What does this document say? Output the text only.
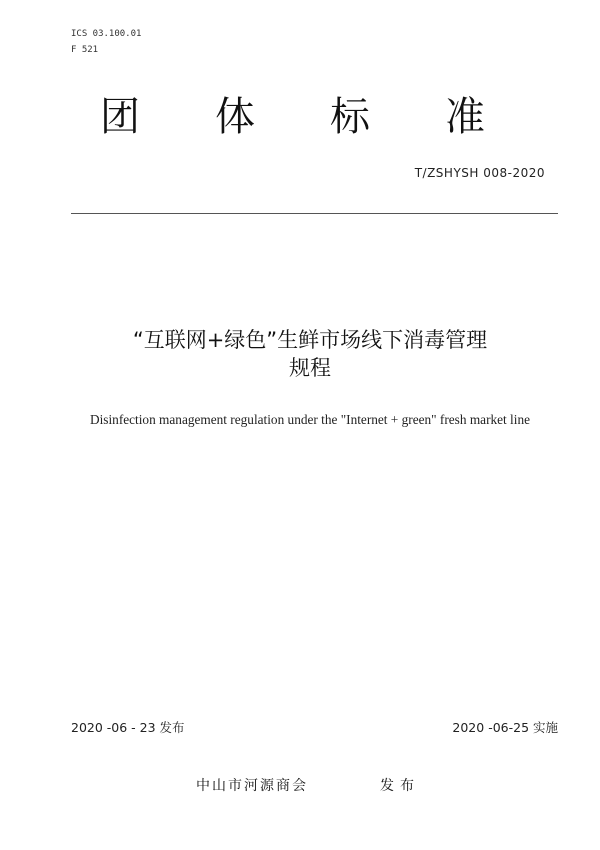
ICS 03.100.01
F 521
团 体 标 准
T/ZSHYSH 008-2020
“互联网+绿色”生鲜市场线下消毒管理
规程
Disinfection management regulation under the "Internet + green" fresh market line
2020 -06 - 23 发布	2020 -06-25 实施
中山市河源商会	发布
